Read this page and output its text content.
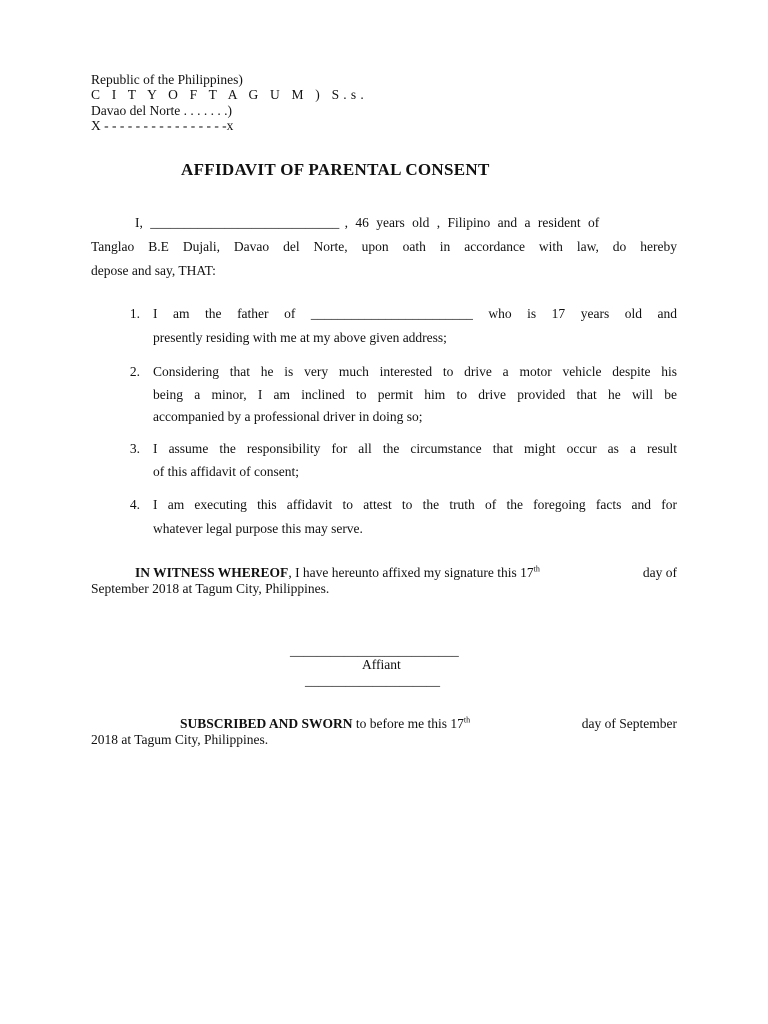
Republic of the Philippines)
C I T Y O F T A G U M ) S.s.
Davao del Norte . . . . . . .)
X - - - - - - - - - - - - - - - -x
AFFIDAVIT OF PARENTAL CONSENT
I, ____________________________ , 46 years old , Filipino and a resident of
Tanglao B.E Dujali, Davao del Norte, upon oath in accordance with law, do hereby
depose and say, THAT:
1. I am the father of ________________________ who is 17 years old and
presently residing with me at my above given address;
2. Considering that he is very much interested to drive a motor vehicle despite his
being a minor, I am inclined to permit him to drive provided that he will be
accompanied by a professional driver in doing so;
3. I assume the responsibility for all the circumstance that might occur as a result
of this affidavit of consent;
4. I am executing this affidavit to attest to the truth of the foregoing facts and for
whatever legal purpose this may serve.
IN WITNESS WHEREOF, I have hereunto affixed my signature this 17th	day of
September 2018 at Tagum City, Philippines.
_________________________
Affiant
____________________
SUBSCRIBED AND SWORN to before me this 17th	day of September
2018 at Tagum City, Philippines.
